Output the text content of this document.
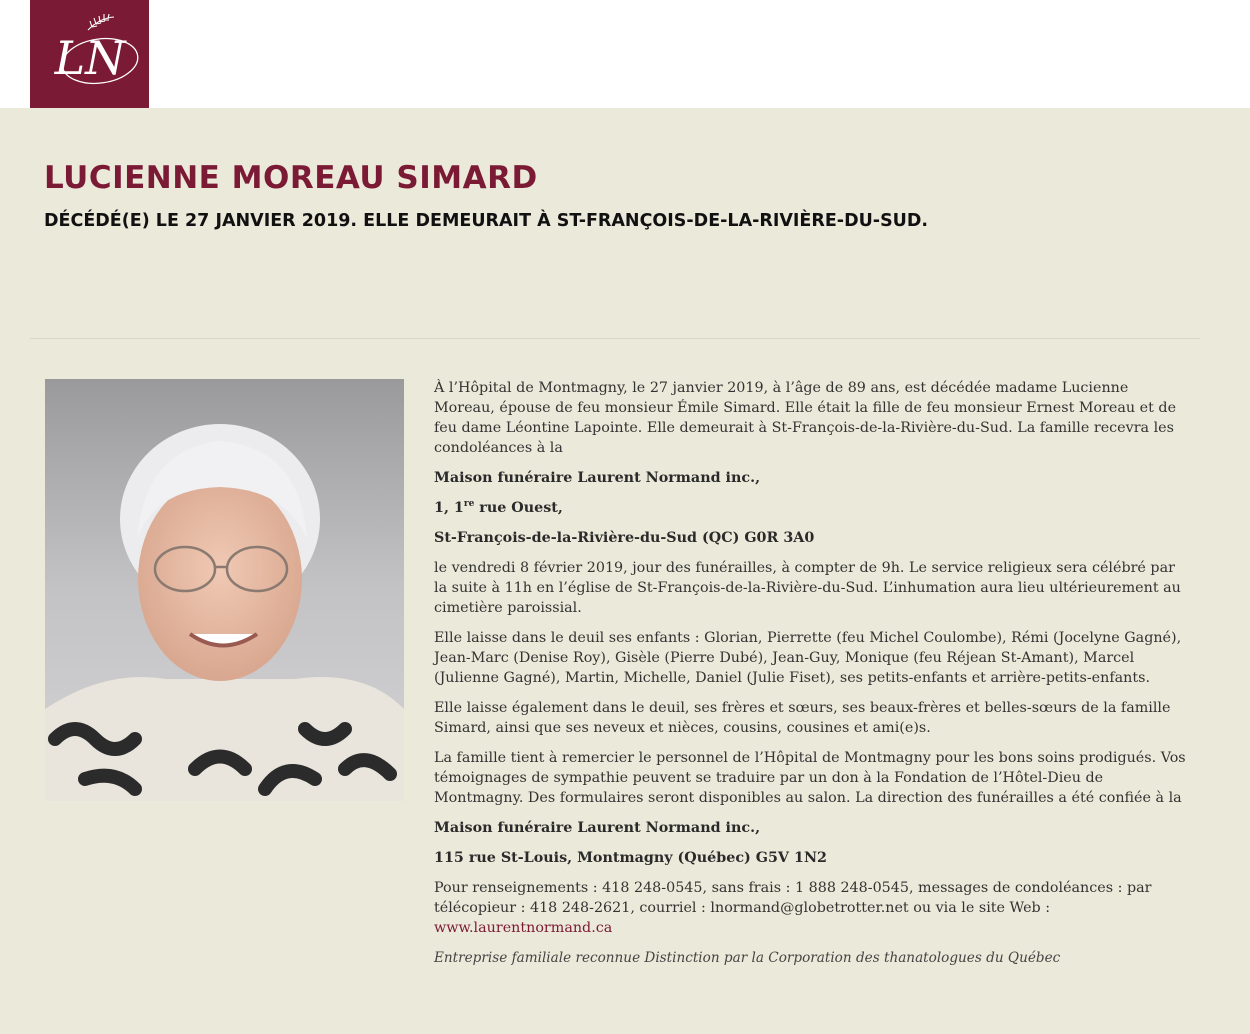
LN
LUCIENNE MOREAU SIMARD
DÉCÉDÉ(E) LE 27 JANVIER 2019. ELLE DEMEURAIT À ST-FRANÇOIS-DE-LA-RIVIÈRE-DU-SUD.

À l’Hôpital de Montmagny, le 27 janvier 2019, à l’âge de 89 ans, est décédée madame Lucienne Moreau, épouse de feu monsieur Émile Simard. Elle était la fille de feu monsieur Ernest Moreau et de feu dame Léontine Lapointe. Elle demeurait à St-François-de-la-Rivière-du-Sud. La famille recevra les condoléances à la

Maison funéraire Laurent Normand inc.,

1, 1re rue Ouest,

St-François-de-la-Rivière-du-Sud (QC) G0R 3A0

le vendredi 8 février 2019, jour des funérailles, à compter de 9h. Le service religieux sera célébré par la suite à 11h en l’église de St-François-de-la-Rivière-du-Sud. L’inhumation aura lieu ultérieurement au cimetière paroissial.

Elle laisse dans le deuil ses enfants : Glorian, Pierrette (feu Michel Coulombe), Rémi (Jocelyne Gagné), Jean-Marc (Denise Roy), Gisèle (Pierre Dubé), Jean-Guy, Monique (feu Réjean St-Amant), Marcel (Julienne Gagné), Martin, Michelle, Daniel (Julie Fiset), ses petits-enfants et arrière-petits-enfants.

Elle laisse également dans le deuil, ses frères et sœurs, ses beaux-frères et belles-sœurs de la famille Simard, ainsi que ses neveux et nièces, cousins, cousines et ami(e)s.

La famille tient à remercier le personnel de l’Hôpital de Montmagny pour les bons soins prodigués. Vos témoignages de sympathie peuvent se traduire par un don à la Fondation de l’Hôtel-Dieu de Montmagny. Des formulaires seront disponibles au salon. La direction des funérailles a été confiée à la

Maison funéraire Laurent Normand inc.,

115 rue St-Louis, Montmagny (Québec) G5V 1N2

Pour renseignements : 418 248-0545, sans frais : 1 888 248-0545, messages de condoléances : par télécopieur : 418 248-2621, courriel : lnormand@globetrotter.net ou via le site Web : www.laurentnormand.ca

Entreprise familiale reconnue Distinction par la Corporation des thanatologues du Québec
